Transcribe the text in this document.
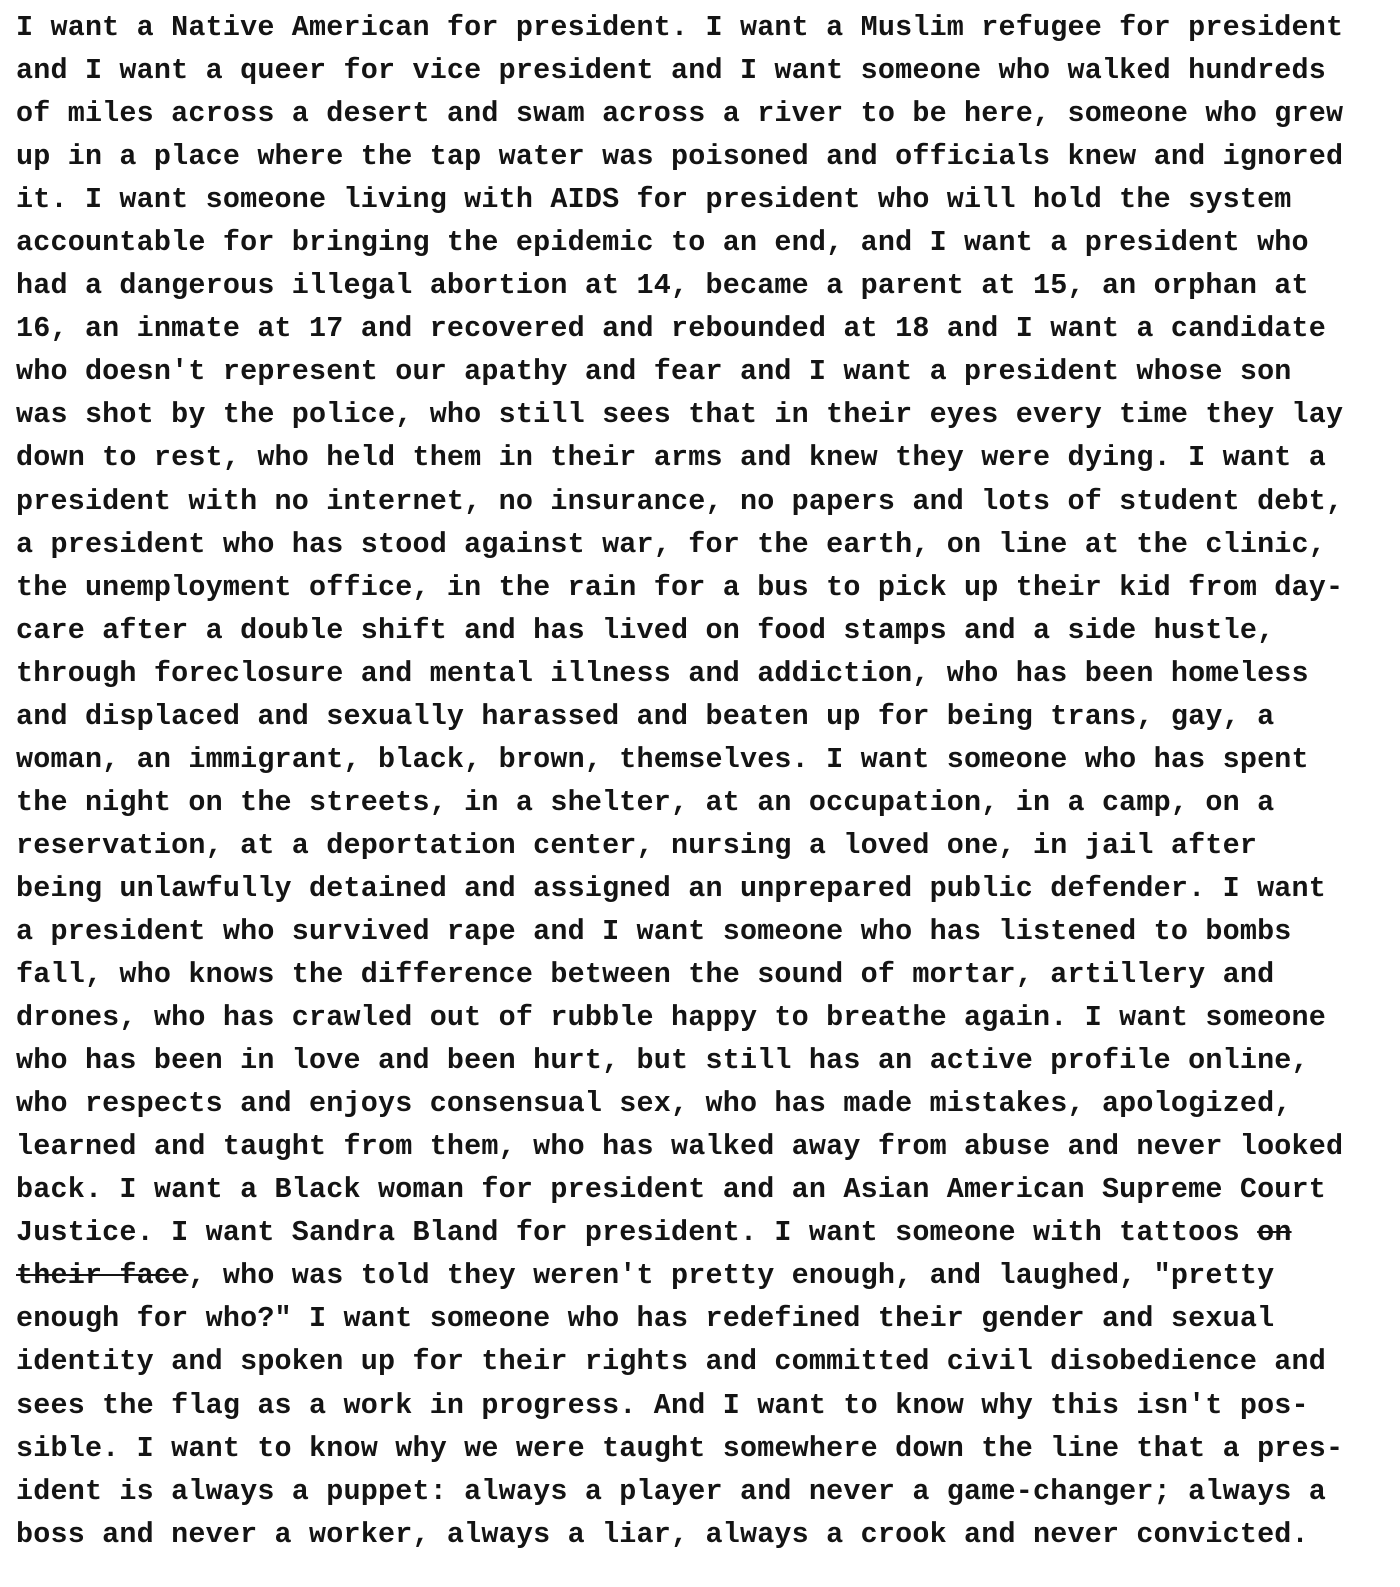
I want a Native American for president. I want a Muslim refugee for president
and I want a queer for vice president and I want someone who walked hundreds
of miles across a desert and swam across a river to be here, someone who grew
up in a place where the tap water was poisoned and officials knew and ignored
it. I want someone living with AIDS for president who will hold the system
accountable for bringing the epidemic to an end, and I want a president who
had a dangerous illegal abortion at 14, became a parent at 15, an orphan at
16, an inmate at 17 and recovered and rebounded at 18 and I want a candidate
who doesn't represent our apathy and fear and I want a president whose son
was shot by the police, who still sees that in their eyes every time they lay
down to rest, who held them in their arms and knew they were dying. I want a
president with no internet, no insurance, no papers and lots of student debt,
a president who has stood against war, for the earth, on line at the clinic,
the unemployment office, in the rain for a bus to pick up their kid from day-
care after a double shift and has lived on food stamps and a side hustle,
through foreclosure and mental illness and addiction, who has been homeless
and displaced and sexually harassed and beaten up for being trans, gay, a
woman, an immigrant, black, brown, themselves. I want someone who has spent
the night on the streets, in a shelter, at an occupation, in a camp, on a
reservation, at a deportation center, nursing a loved one, in jail after
being unlawfully detained and assigned an unprepared public defender. I want
a president who survived rape and I want someone who has listened to bombs
fall, who knows the difference between the sound of mortar, artillery and
drones, who has crawled out of rubble happy to breathe again. I want someone
who has been in love and been hurt, but still has an active profile online,
who respects and enjoys consensual sex, who has made mistakes, apologized,
learned and taught from them, who has walked away from abuse and never looked
back. I want a Black woman for president and an Asian American Supreme Court
Justice. I want Sandra Bland for president. I want someone with tattoos on
their face, who was told they weren't pretty enough, and laughed, "pretty
enough for who?" I want someone who has redefined their gender and sexual
identity and spoken up for their rights and committed civil disobedience and
sees the flag as a work in progress. And I want to know why this isn't pos-
sible. I want to know why we were taught somewhere down the line that a pres-
ident is always a puppet: always a player and never a game-changer; always a
boss and never a worker, always a liar, always a crook and never convicted.
